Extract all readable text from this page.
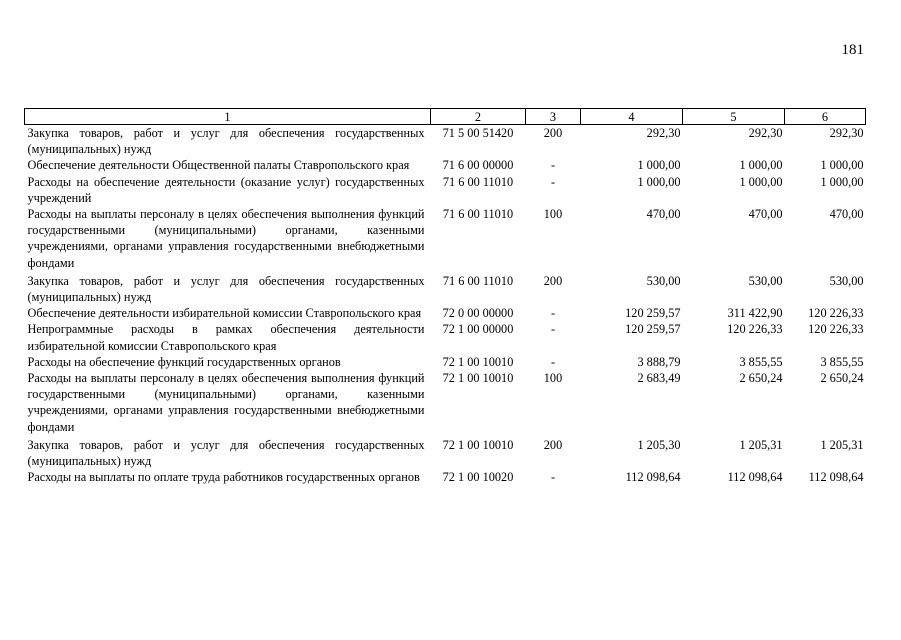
181
1	2	3	4	5	6
Закупка товаров, работ и услуг для обеспечения государственных (муниципальных) нужд	71 5 00 51420	200	292,30	292,30	292,30
Обеспечение деятельности Общественной палаты Ставропольского края	71 6 00 00000	-	1 000,00	1 000,00	1 000,00
Расходы на обеспечение деятельности (оказание услуг) государственных учреждений	71 6 00 11010	-	1 000,00	1 000,00	1 000,00
Расходы на выплаты персоналу в целях обеспечения выполнения функций государственными (муниципальными) органами, казенными учреждениями, органами управления государственными внебюджетными фондами	71 6 00 11010	100	470,00	470,00	470,00
Закупка товаров, работ и услуг для обеспечения государственных (муниципальных) нужд	71 6 00 11010	200	530,00	530,00	530,00
Обеспечение деятельности избирательной комиссии Ставропольского края	72 0 00 00000	-	120 259,57	311 422,90	120 226,33
Непрограммные расходы в рамках обеспечения деятельности избирательной комиссии Ставропольского края	72 1 00 00000	-	120 259,57	120 226,33	120 226,33
Расходы на обеспечение функций государственных органов	72 1 00 10010	-	3 888,79	3 855,55	3 855,55
Расходы на выплаты персоналу в целях обеспечения выполнения функций государственными (муниципальными) органами, казенными учреждениями, органами управления государственными внебюджетными фондами	72 1 00 10010	100	2 683,49	2 650,24	2 650,24
Закупка товаров, работ и услуг для обеспечения государственных (муниципальных) нужд	72 1 00 10010	200	1 205,30	1 205,31	1 205,31
Расходы на выплаты по оплате труда работников государственных органов	72 1 00 10020	-	112 098,64	112 098,64	112 098,64
